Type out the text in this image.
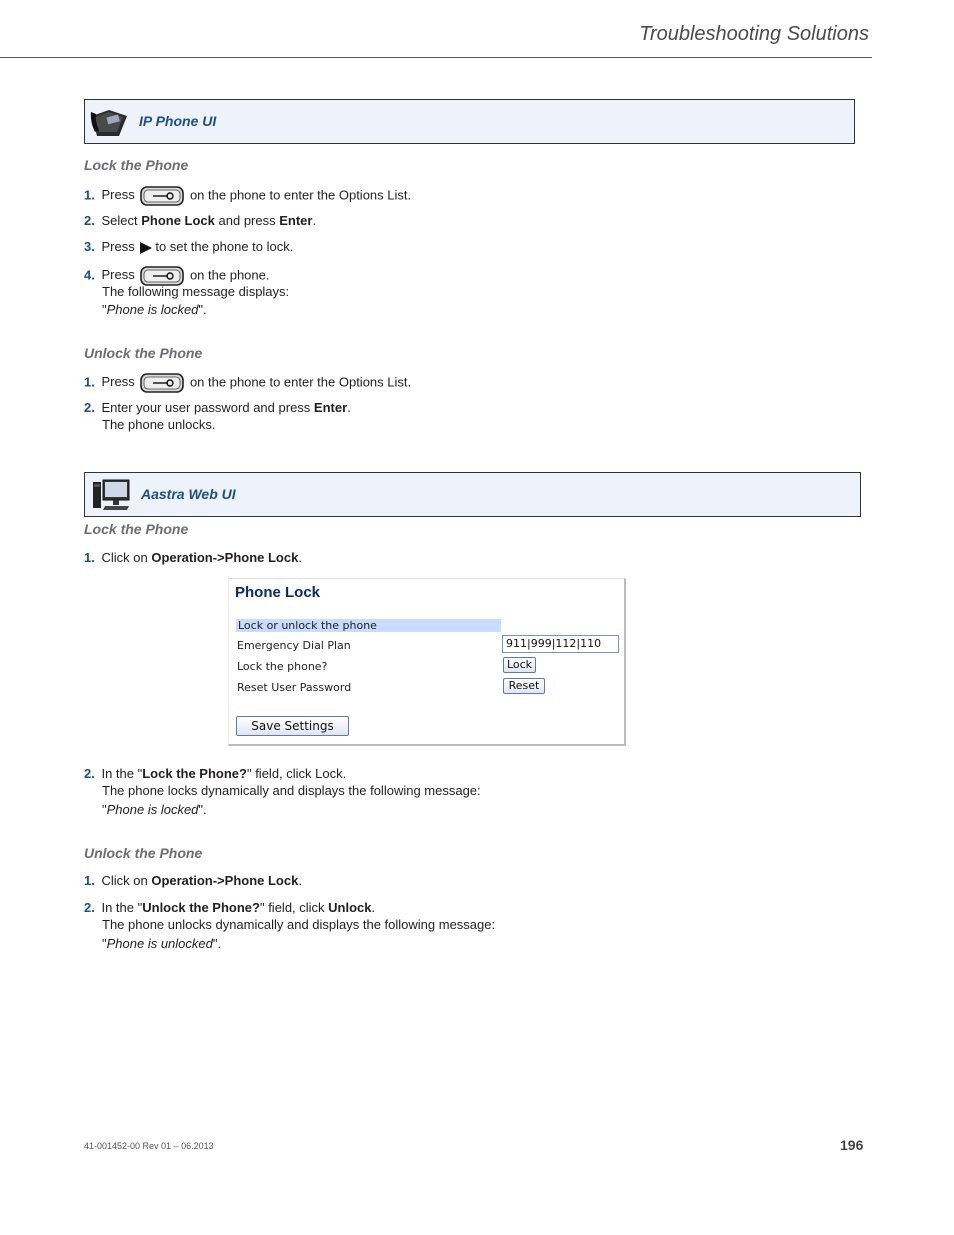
Troubleshooting Solutions
IP Phone UI
Lock the Phone
1. Press	on the phone to enter the Options List.
2. Select Phone Lock and press Enter.
3. Press to set the phone to lock.
4. Press	on the phone.
The following message displays:
"Phone is locked".
Unlock the Phone
1. Press	on the phone to enter the Options List.
2. Enter your user password and press Enter.
The phone unlocks.
Aastra Web UI
Lock the Phone
1. Click on Operation->Phone Lock.
Phone Lock
Lock or unlock the phone
Emergency Dial Plan	911|999|112|110
Lock the phone?	Lock
Reset User Password	Reset
Save Settings
2. In the "Lock the Phone?" field, click Lock.
The phone locks dynamically and displays the following message:
"Phone is locked".
Unlock the Phone
1. Click on Operation->Phone Lock.
2. In the "Unlock the Phone?" field, click Unlock.
The phone unlocks dynamically and displays the following message:
"Phone is unlocked".
41-001452-00 Rev 01 – 06.2013	196
